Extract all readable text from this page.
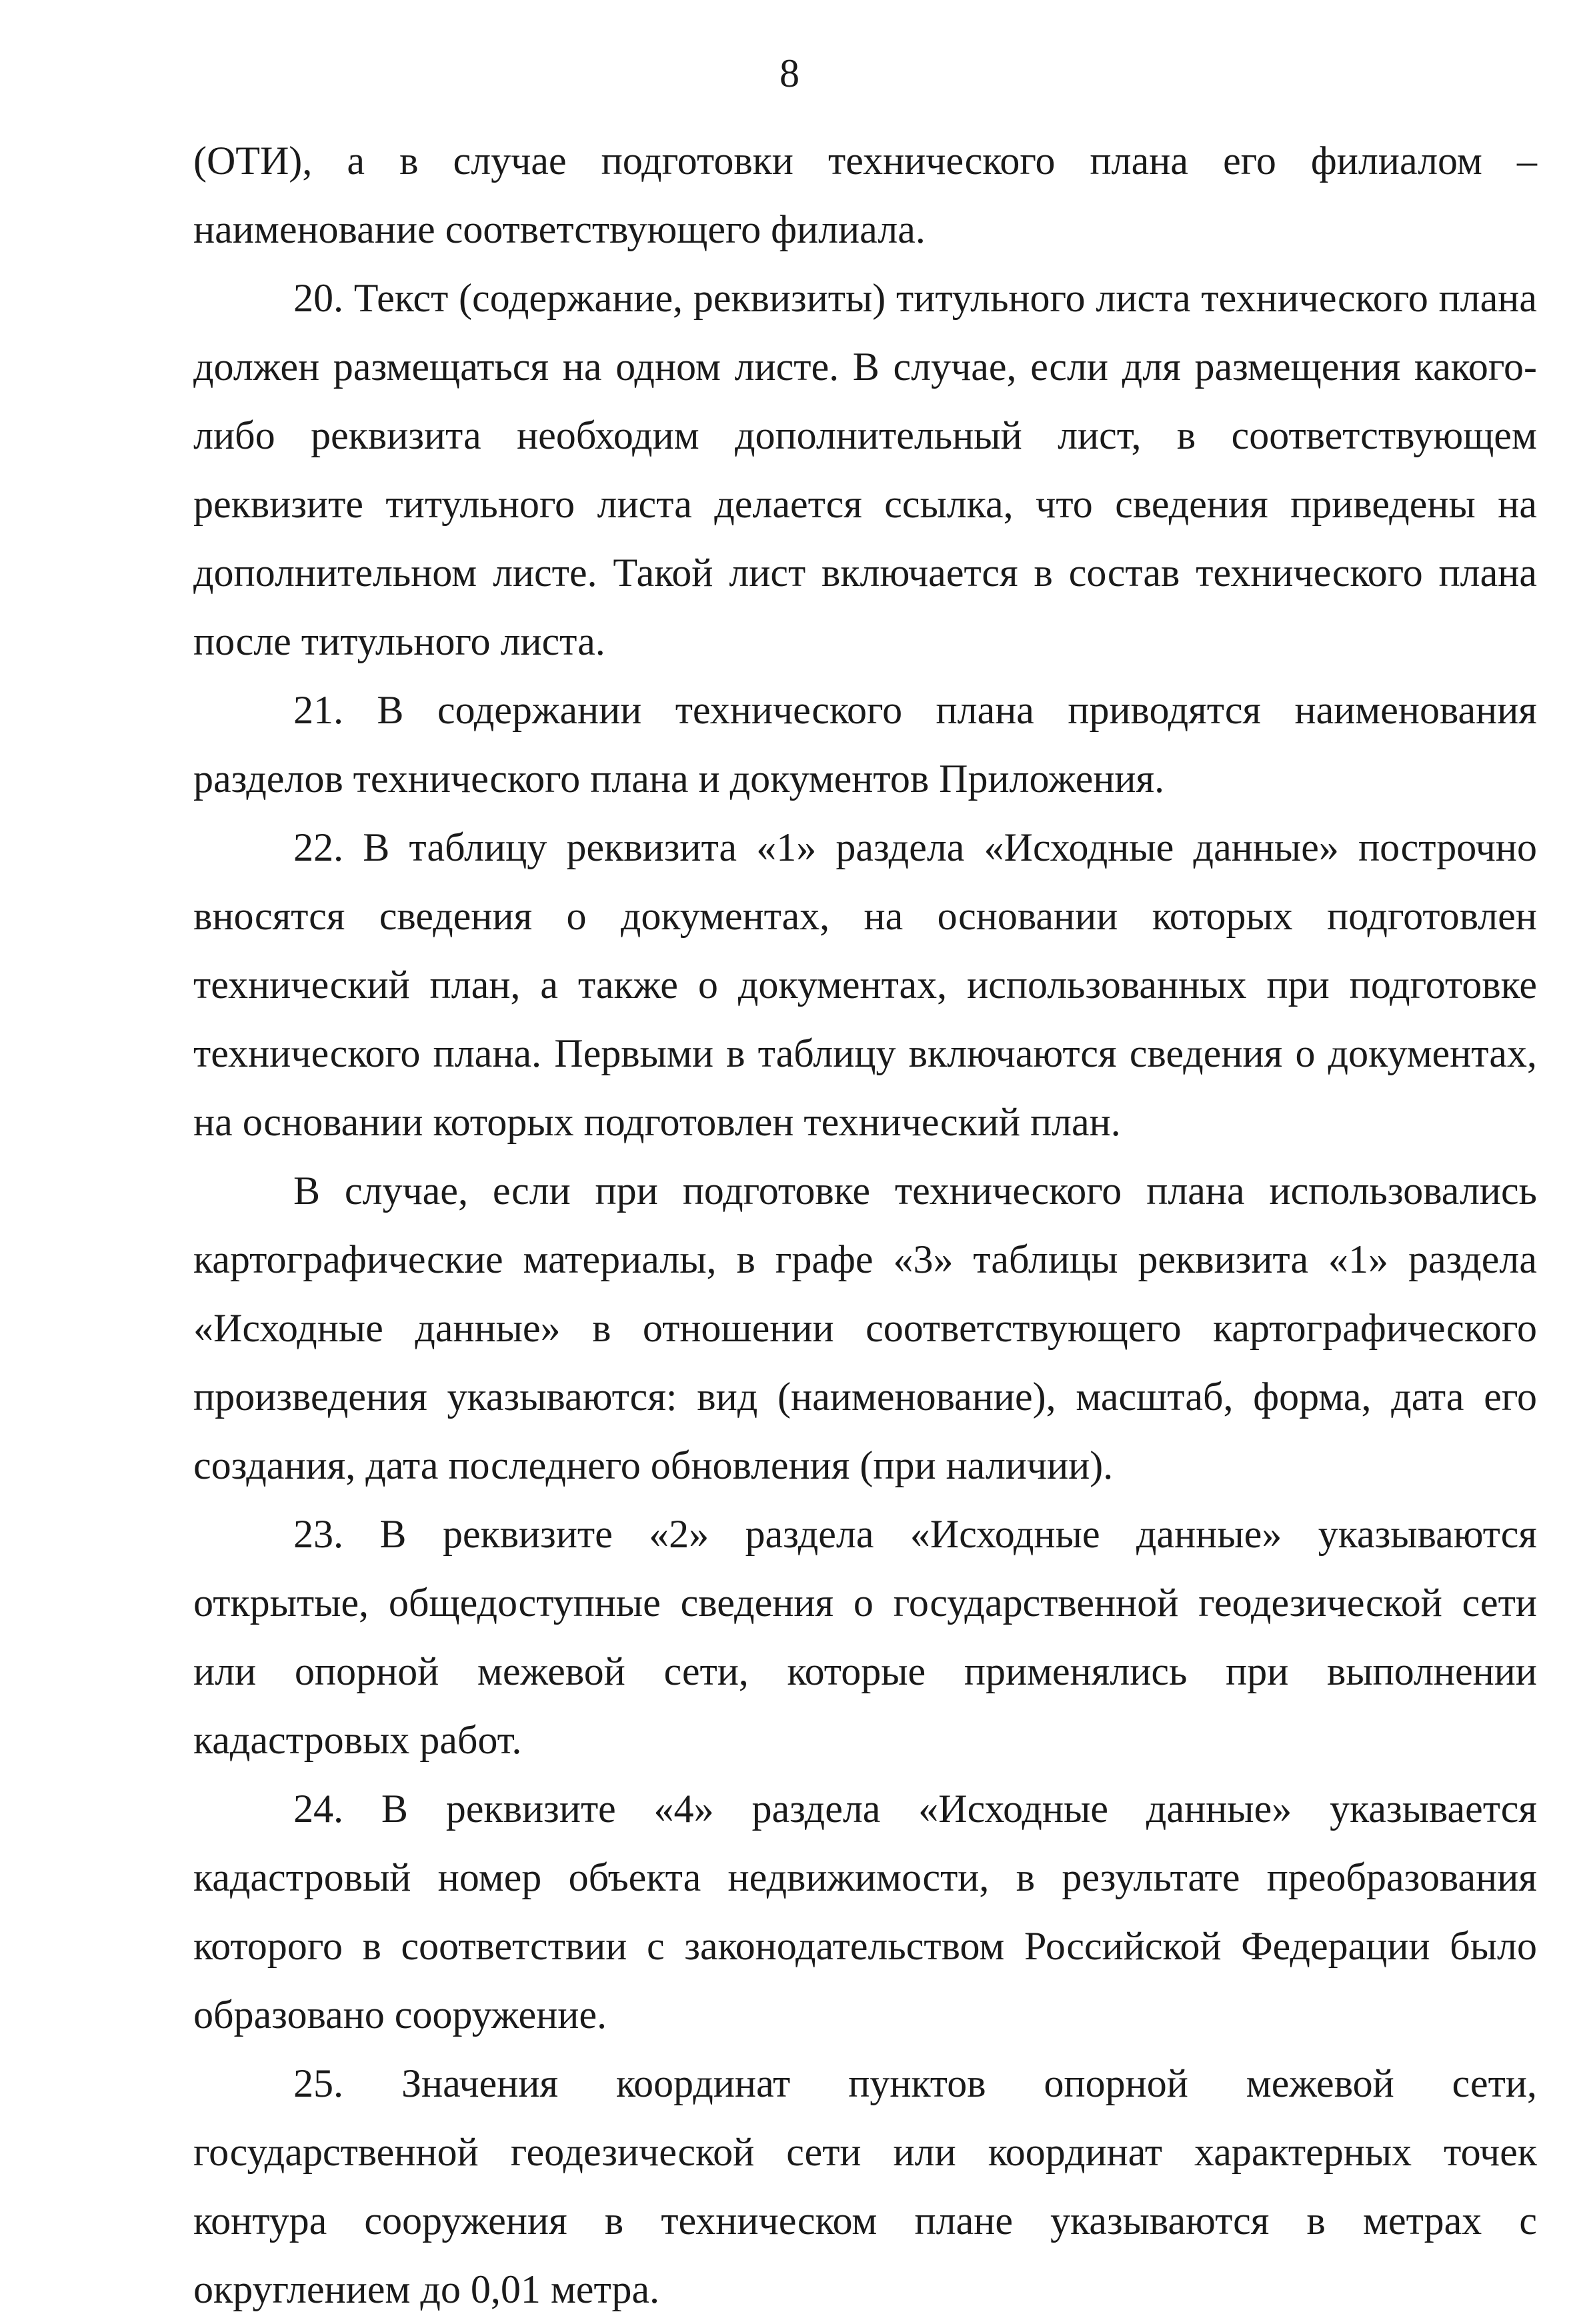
8

(ОТИ), а в случае подготовки технического плана его филиалом – наименование соответствующего филиала.

20. Текст (содержание, реквизиты) титульного листа технического плана должен размещаться на одном листе. В случае, если для размещения какого-либо реквизита необходим дополнительный лист, в соответствующем реквизите титульного листа делается ссылка, что сведения приведены на дополнительном листе. Такой лист включается в состав технического плана после титульного листа.

21. В содержании технического плана приводятся наименования разделов технического плана и документов Приложения.

22. В таблицу реквизита «1» раздела «Исходные данные» построчно вносятся сведения о документах, на основании которых подготовлен технический план, а также о документах, использованных при подготовке технического плана. Первыми в таблицу включаются сведения о документах, на основании которых подготовлен технический план.

В случае, если при подготовке технического плана использовались картографические материалы, в графе «3» таблицы реквизита «1» раздела «Исходные данные» в отношении соответствующего картографического произведения указываются: вид (наименование), масштаб, форма, дата его создания, дата последнего обновления (при наличии).

23. В реквизите «2» раздела «Исходные данные» указываются открытые, общедоступные сведения о государственной геодезической сети или опорной межевой сети, которые применялись при выполнении кадастровых работ.

24. В реквизите «4» раздела «Исходные данные» указывается кадастровый номер объекта недвижимости, в результате преобразования которого в соответствии с законодательством Российской Федерации было образовано сооружение.

25. Значения координат пунктов опорной межевой сети, государственной геодезической сети или координат характерных точек контура сооружения в техническом плане указываются в метрах с округлением до 0,01 метра.
